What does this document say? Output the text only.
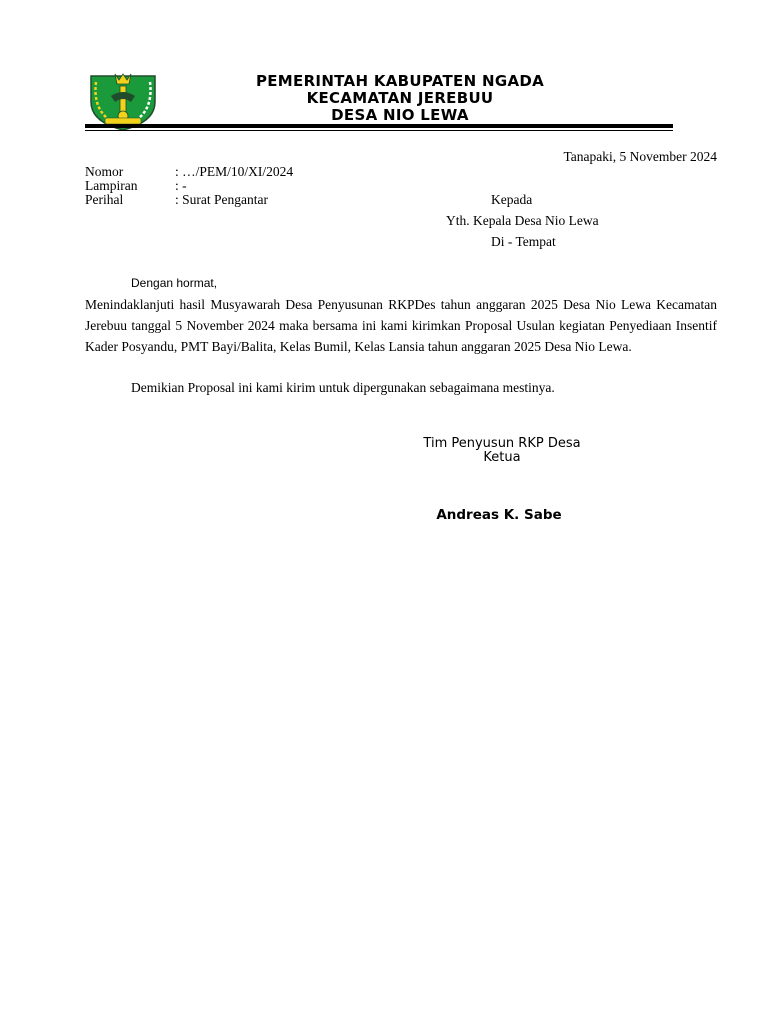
PEMERINTAH KABUPATEN NGADA
KECAMATAN JEREBUU
DESA NIO LEWA
Tanapaki, 5 November 2024
Nomor	: …/PEM/10/XI/2024
Lampiran	: -
Perihal	: Surat Pengantar	Kepada
Yth. Kepala Desa Nio Lewa
Di - Tempat
Dengan hormat,
Menindaklanjuti hasil Musyawarah Desa Penyusunan RKPDes tahun anggaran 2025 Desa Nio Lewa Kecamatan Jerebuu tanggal 5 November 2024 maka bersama ini kami kirimkan Proposal Usulan kegiatan Penyediaan Insentif Kader Posyandu, PMT Bayi/Balita, Kelas Bumil, Kelas Lansia tahun anggaran 2025 Desa Nio Lewa.
Demikian Proposal ini kami kirim untuk dipergunakan sebagaimana mestinya.
Tim Penyusun RKP Desa
Ketua
Andreas K. Sabe
